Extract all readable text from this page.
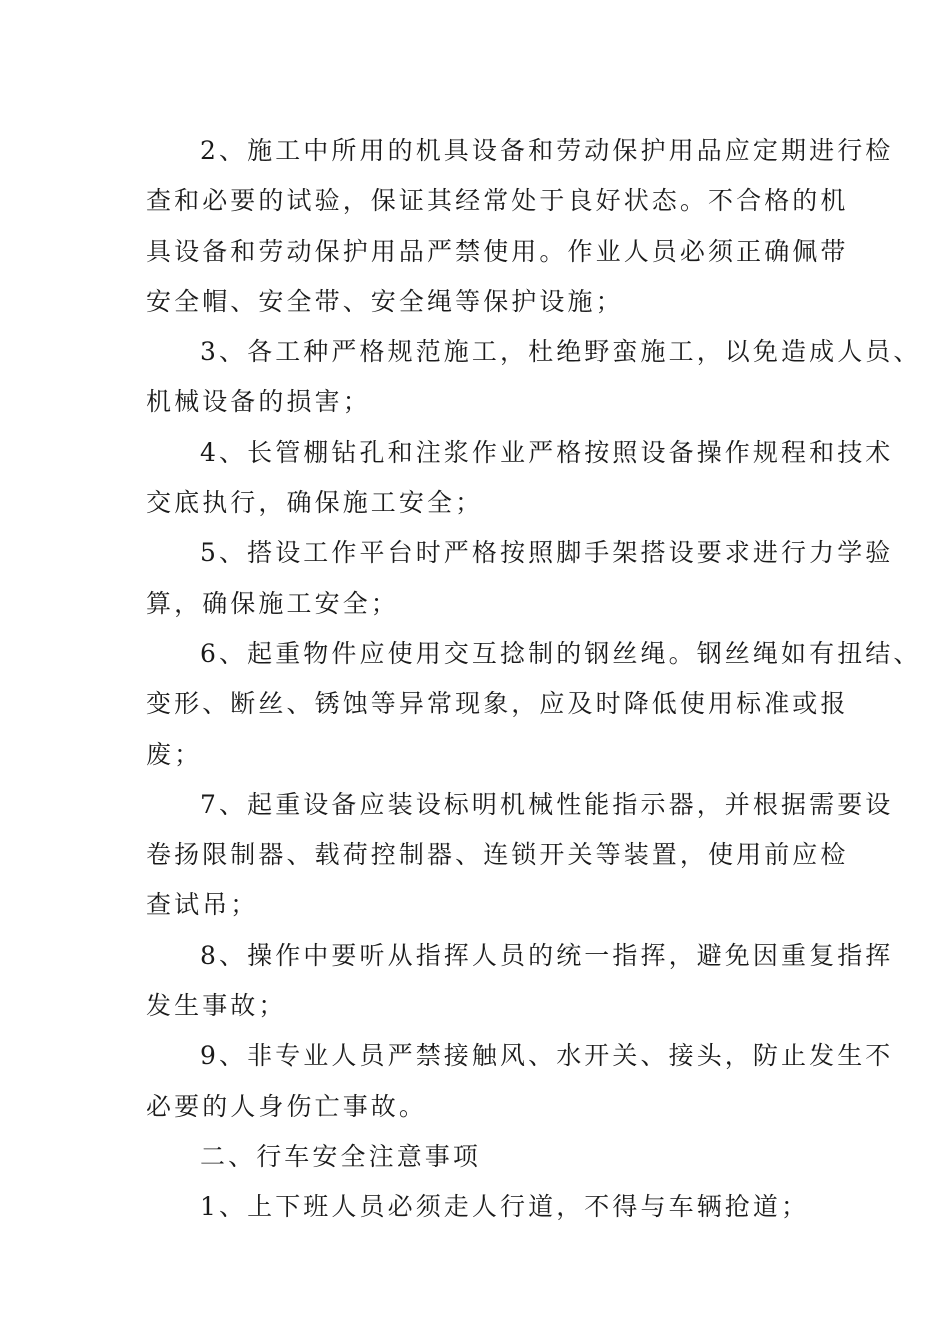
2、施工中所用的机具设备和劳动保护用品应定期进行检
查和必要的试验，保证其经常处于良好状态。不合格的机
具设备和劳动保护用品严禁使用。作业人员必须正确佩带
安全帽、安全带、安全绳等保护设施；
3、各工种严格规范施工，杜绝野蛮施工，以免造成人员、
机械设备的损害；
4、长管棚钻孔和注浆作业严格按照设备操作规程和技术
交底执行，确保施工安全；
5、搭设工作平台时严格按照脚手架搭设要求进行力学验
算，确保施工安全；
6、起重物件应使用交互捻制的钢丝绳。钢丝绳如有扭结、
变形、断丝、锈蚀等异常现象，应及时降低使用标准或报
废；
7、起重设备应装设标明机械性能指示器，并根据需要设
卷扬限制器、载荷控制器、连锁开关等装置，使用前应检
查试吊；
8、操作中要听从指挥人员的统一指挥，避免因重复指挥
发生事故；
9、非专业人员严禁接触风、水开关、接头，防止发生不
必要的人身伤亡事故。
二、行车安全注意事项
1、上下班人员必须走人行道，不得与车辆抢道；
